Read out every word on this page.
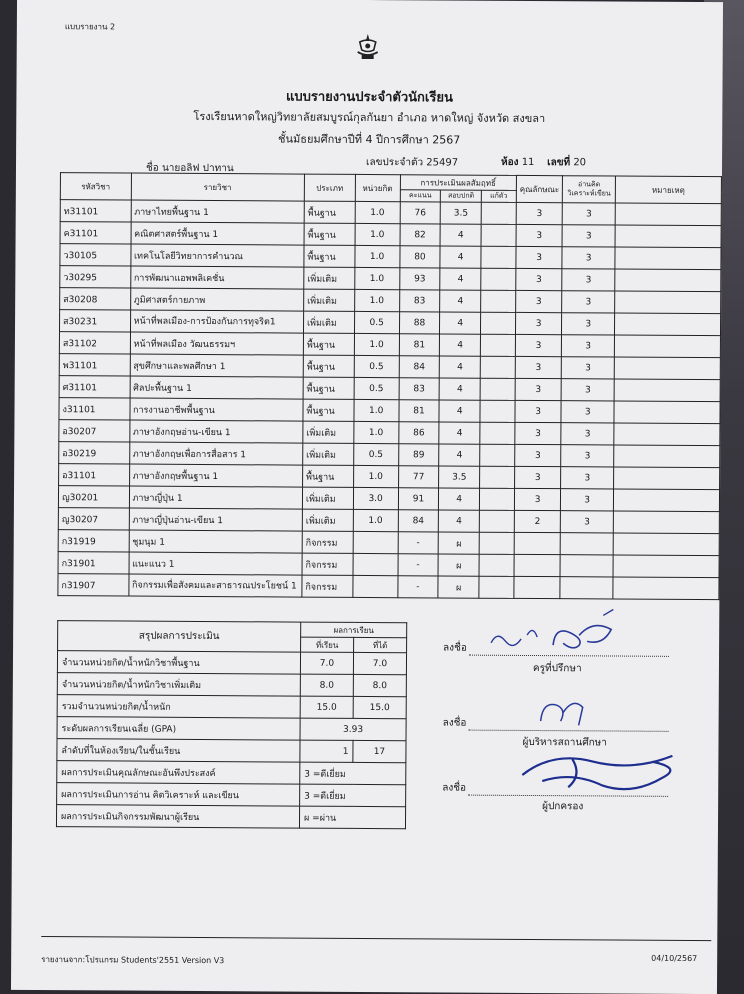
แบบรายงาน 2
แบบรายงานประจำตัวนักเรียน
โรงเรียนหาดใหญ่วิทยาลัยสมบูรณ์กุลกันยา อำเภอ หาดใหญ่ จังหวัด สงขลา
ชั้นมัธยมศึกษาปีที่ 4 ปีการศึกษา 2567
ชื่อ นายอลิฟ ปาทาน
เลขประจำตัว 25497	ห้อง 11 เลขที่ 20
รหัสวิชา	รายวิชา	ประเภท	หน่วยกิต	การประเมินผลสัมฤทธิ์			คุณลักษณะ	อ่านคิดวิเคราะห์เขียน	หมายเหตุ
				คะแนน	สอบปกติ	แก้ตัว			
ท31101	ภาษาไทยพื้นฐาน 1	พื้นฐาน	1.0	76	3.5		3	3	
ค31101	คณิตศาสตร์พื้นฐาน 1	พื้นฐาน	1.0	82	4		3	3	
ว30105	เทคโนโลยีวิทยาการคำนวณ	พื้นฐาน	1.0	80	4		3	3	
ว30295	การพัฒนาแอพพลิเคชั่น	เพิ่มเติม	1.0	93	4		3	3	
ส30208	ภูมิศาสตร์กายภาพ	เพิ่มเติม	1.0	83	4		3	3	
ส30231	หน้าที่พลเมือง-การป้องกันการทุจริต1	เพิ่มเติม	0.5	88	4		3	3	
ส31102	หน้าที่พลเมือง วัฒนธรรมฯ	พื้นฐาน	1.0	81	4		3	3	
พ31101	สุขศึกษาและพลศึกษา 1	พื้นฐาน	0.5	84	4		3	3	
ศ31101	ศิลปะพื้นฐาน 1	พื้นฐาน	0.5	83	4		3	3	
ง31101	การงานอาชีพพื้นฐาน	พื้นฐาน	1.0	81	4		3	3	
อ30207	ภาษาอังกฤษอ่าน-เขียน 1	เพิ่มเติม	1.0	86	4		3	3	
อ30219	ภาษาอังกฤษเพื่อการสื่อสาร 1	เพิ่มเติม	0.5	89	4		3	3	
อ31101	ภาษาอังกฤษพื้นฐาน 1	พื้นฐาน	1.0	77	3.5		3	3	
ญ30201	ภาษาญี่ปุ่น 1	เพิ่มเติม	3.0	91	4		3	3	
ญ30207	ภาษาญี่ปุ่นอ่าน-เขียน 1	เพิ่มเติม	1.0	84	4		2	3	
ก31919	ชุมนุม 1	กิจกรรม		-	ผ				
ก31901	แนะแนว 1	กิจกรรม		-	ผ				
ก31907	กิจกรรมเพื่อสังคมและสาธารณประโยชน์ 1	กิจกรรม		-	ผ				
สรุปผลการประเมิน	ผลการเรียน	
	ที่เรียน	ที่ได้
จำนวนหน่วยกิต/น้ำหนักวิชาพื้นฐาน	7.0	7.0
จำนวนหน่วยกิต/น้ำหนักวิชาเพิ่มเติม	8.0	8.0
รวมจำนวนหน่วยกิต/น้ำหนัก	15.0	15.0
ระดับผลการเรียนเฉลี่ย (GPA)	3.93	
ลำดับที่ในห้องเรียน/ในชั้นเรียน	1	17
ผลการประเมินคุณลักษณะอันพึงประสงค์	3 =ดีเยี่ยม	
ผลการประเมินการอ่าน คิดวิเคราะห์ และเขียน	3 =ดีเยี่ยม	
ผลการประเมินกิจกรรมพัฒนาผู้เรียน	ผ =ผ่าน	
ลงชื่อ
ครูที่ปรึกษา
ลงชื่อ
ผู้บริหารสถานศึกษา
ลงชื่อ
ผู้ปกครอง
รายงานจาก:โปรแกรม Students'2551 Version V3	04/10/2567
